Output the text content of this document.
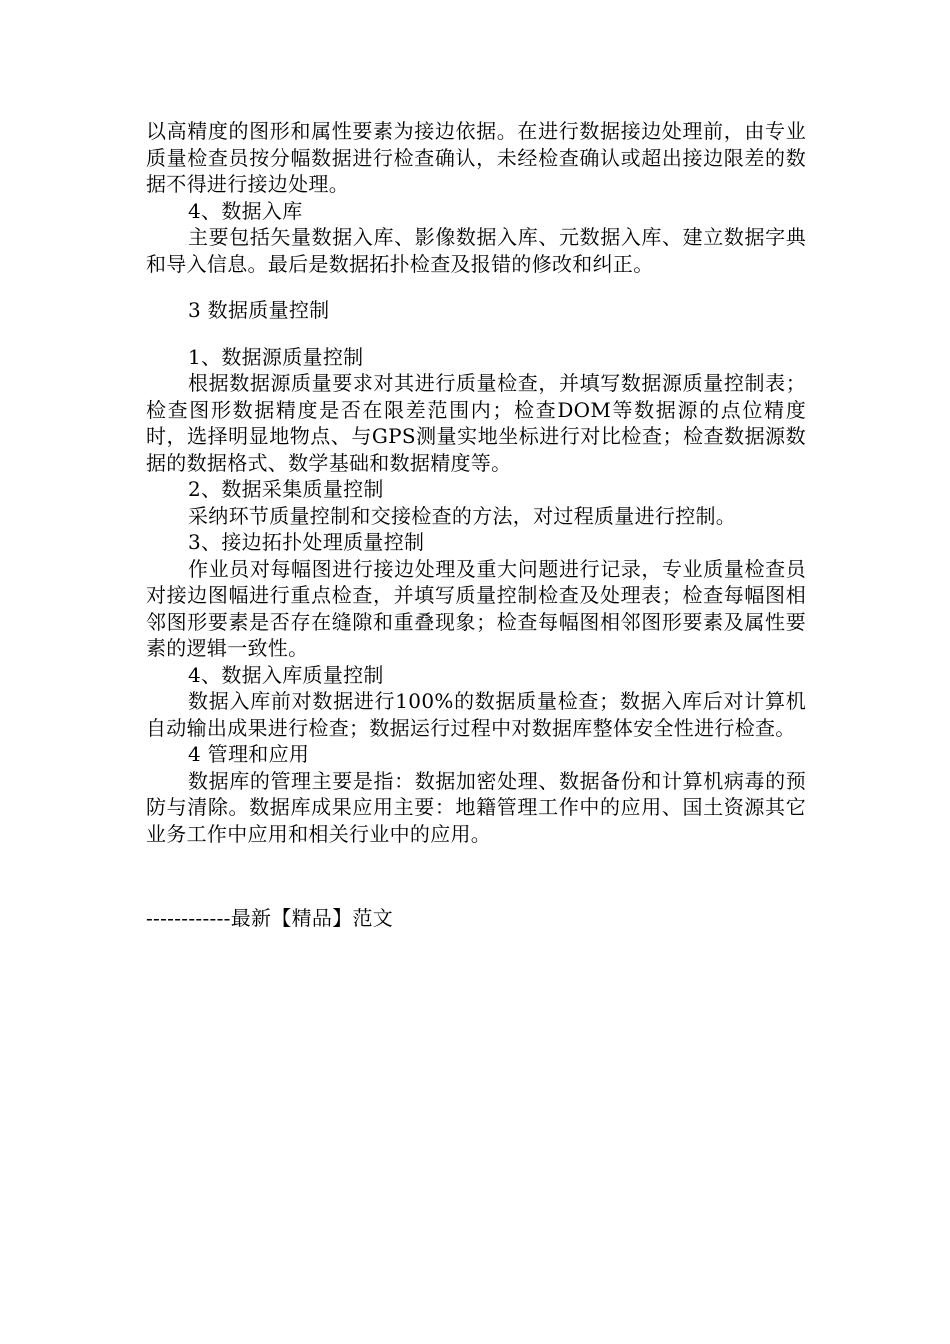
以高精度的图形和属性要素为接边依据。在进行数据接边处理前，由专业质量检查员按分幅数据进行检查确认，未经检查确认或超出接边限差的数据不得进行接边处理。

4、数据入库

主要包括矢量数据入库、影像数据入库、元数据入库、建立数据字典和导入信息。最后是数据拓扑检查及报错的修改和纠正。

3 数据质量控制

1、数据源质量控制

根据数据源质量要求对其进行质量检查，并填写数据源质量控制表；检查图形数据精度是否在限差范围内；检查DOM等数据源的点位精度时，选择明显地物点、与GPS测量实地坐标进行对比检查；检查数据源数据的数据格式、数学基础和数据精度等。

2、数据采集质量控制

采纳环节质量控制和交接检查的方法，对过程质量进行控制。

3、接边拓扑处理质量控制

作业员对每幅图进行接边处理及重大问题进行记录，专业质量检查员对接边图幅进行重点检查，并填写质量控制检查及处理表；检查每幅图相邻图形要素是否存在缝隙和重叠现象；检查每幅图相邻图形要素及属性要素的逻辑一致性。

4、数据入库质量控制

数据入库前对数据进行100%的数据质量检查；数据入库后对计算机自动输出成果进行检查；数据运行过程中对数据库整体安全性进行检查。

4 管理和应用

数据库的管理主要是指：数据加密处理、数据备份和计算机病毒的预防与清除。数据库成果应用主要：地籍管理工作中的应用、国土资源其它业务工作中应用和相关行业中的应用。

------------最新【精品】范文
